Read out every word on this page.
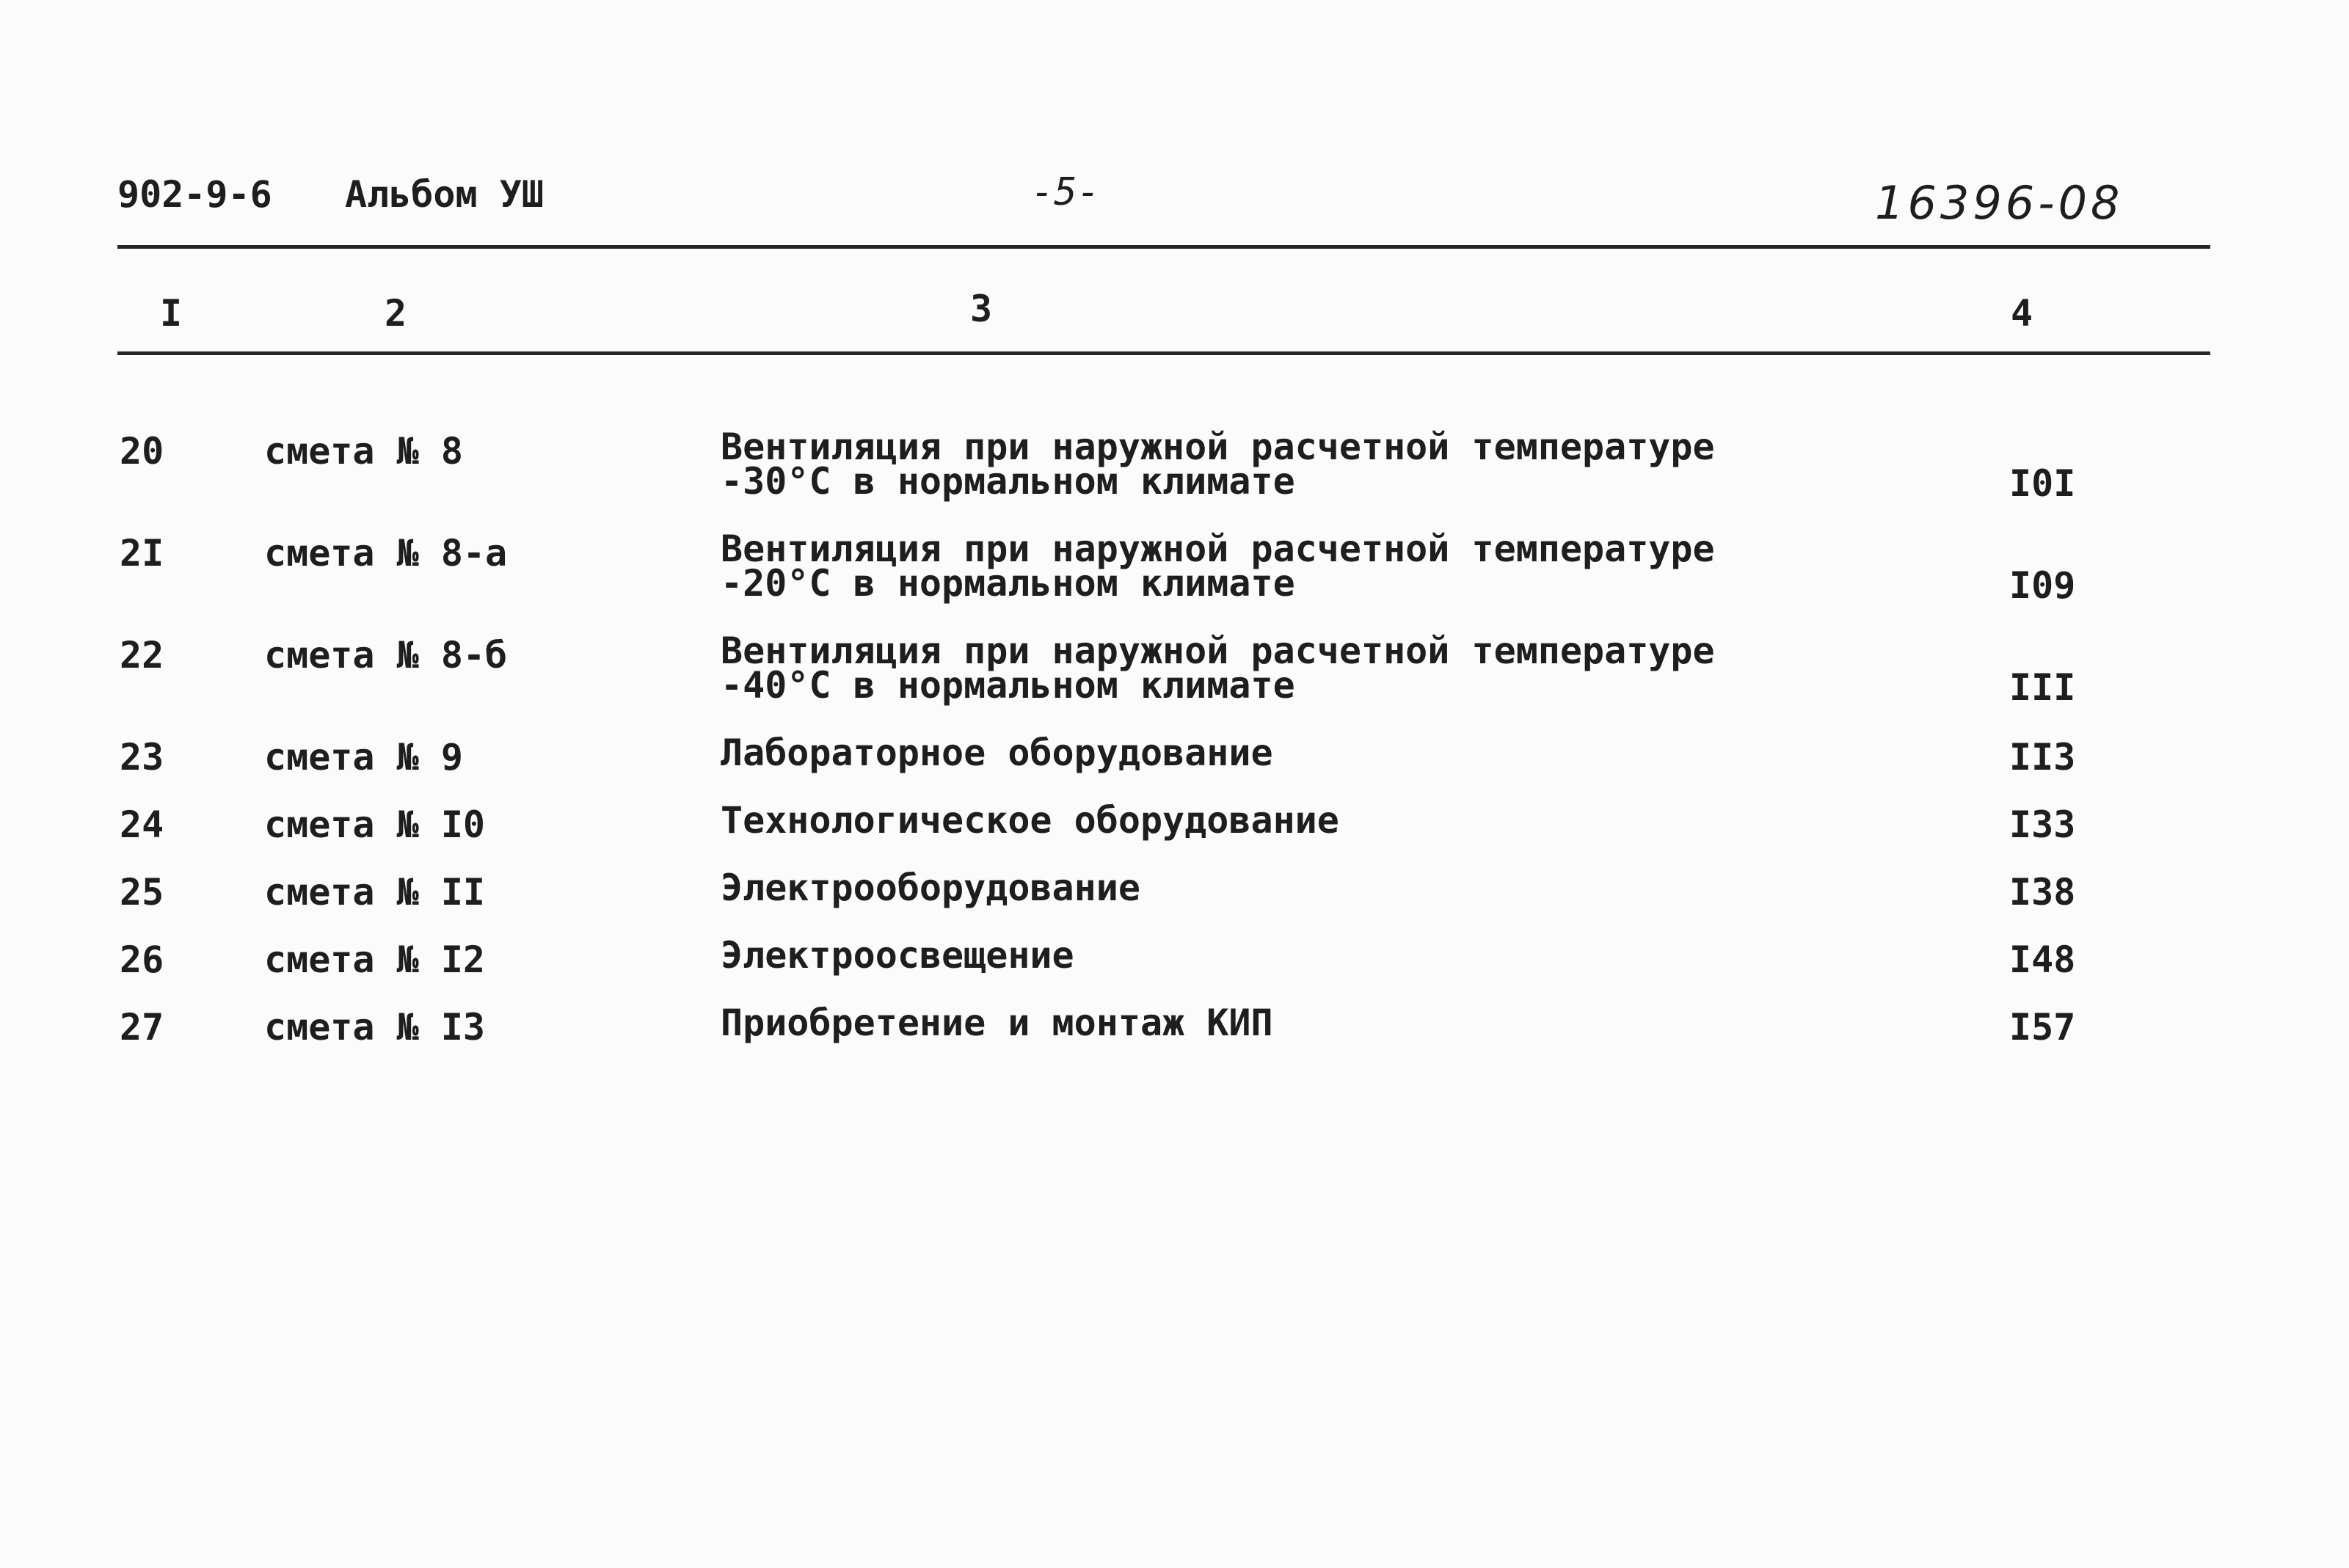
902-9-6 Альбом УШ	-5-	16396-08
I	2	3	4
20	смета № 8	Вентиляция при наружной расчетной температуре
-30°C в нормальном климате	I0I
2I	смета № 8-а	Вентиляция при наружной расчетной температуре
-20°C в нормальном климате	I09
22	смета № 8-б	Вентиляция при наружной расчетной температуре
-40°C в нормальном климате	III
23	смета № 9	Лабораторное оборудование	II3
24	смета № I0	Технологическое оборудование	I33
25	смета № II	Электрооборудование	I38
26	смета № I2	Электроосвещение	I48
27	смета № I3	Приобретение и монтаж КИП	I57
